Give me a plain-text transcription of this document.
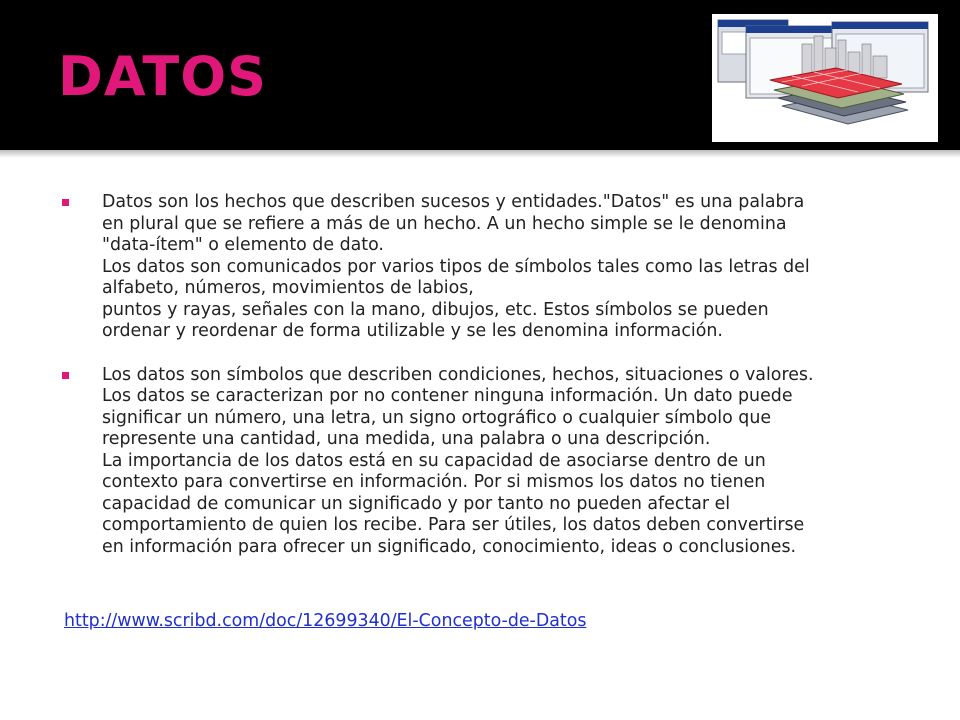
DATOS
Datos son los hechos que describen sucesos y entidades."Datos" es una palabra
en plural que se refiere a más de un hecho. A un hecho simple se le denomina
"data-ítem" o elemento de dato.
Los datos son comunicados por varios tipos de símbolos tales como las letras del
alfabeto, números, movimientos de labios,
puntos y rayas, señales con la mano, dibujos, etc. Estos símbolos se pueden
ordenar y reordenar de forma utilizable y se les denomina información.
Los datos son símbolos que describen condiciones, hechos, situaciones o valores.
Los datos se caracterizan por no contener ninguna información. Un dato puede
significar un número, una letra, un signo ortográfico o cualquier símbolo que
represente una cantidad, una medida, una palabra o una descripción.
La importancia de los datos está en su capacidad de asociarse dentro de un
contexto para convertirse en información. Por si mismos los datos no tienen
capacidad de comunicar un significado y por tanto no pueden afectar el
comportamiento de quien los recibe. Para ser útiles, los datos deben convertirse
en información para ofrecer un significado, conocimiento, ideas o conclusiones.
http://www.scribd.com/doc/12699340/El-Concepto-de-Datos
